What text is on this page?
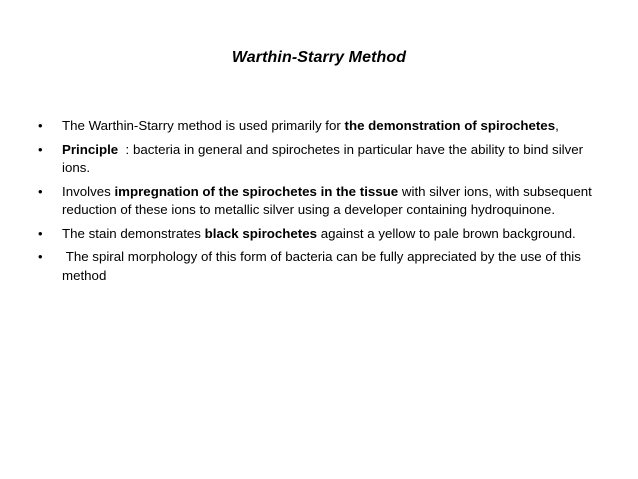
Warthin-Starry Method
•	The Warthin-Starry method is used primarily for the demonstration of spirochetes,
•	Principle  : bacteria in general and spirochetes in particular have the ability to bind silver ions.
•	Involves impregnation of the spirochetes in the tissue with silver ions, with subsequent reduction of these ions to metallic silver using a developer containing hydroquinone.
•	The stain demonstrates black spirochetes against a yellow to pale brown background.
•	The spiral morphology of this form of bacteria can be fully appreciated by the use of this method
